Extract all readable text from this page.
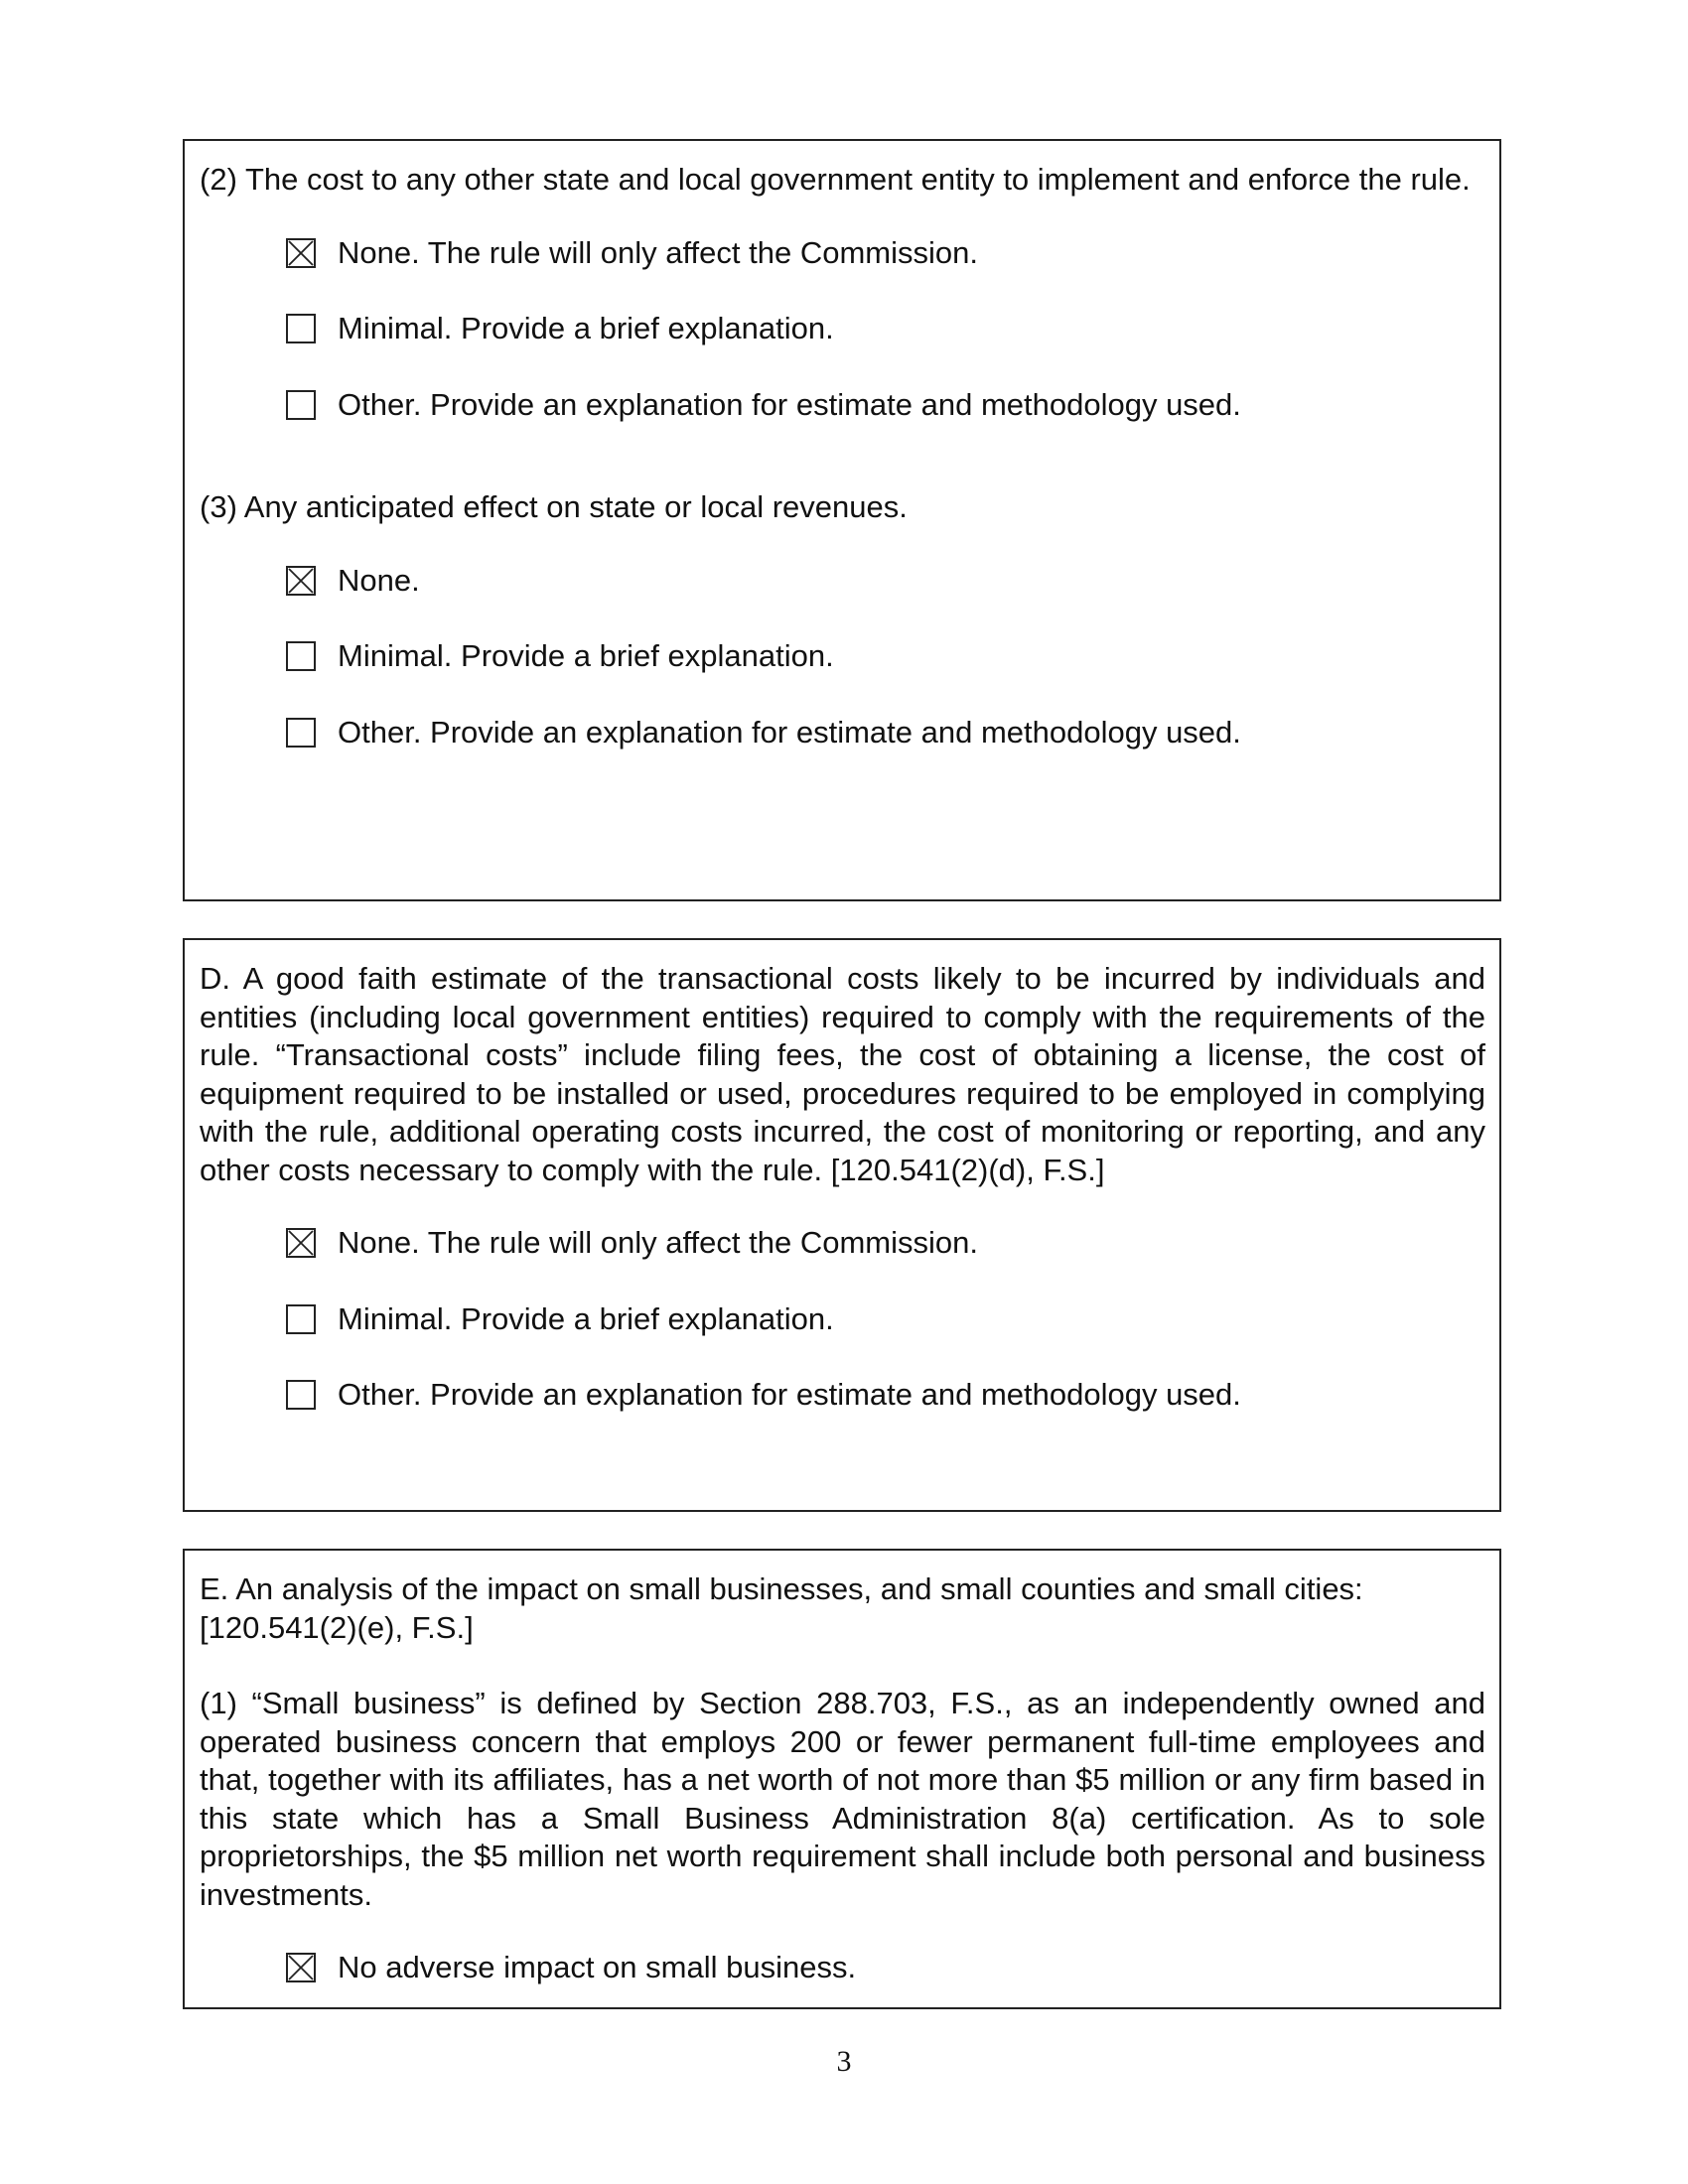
(2) The cost to any other state and local government entity to implement and enforce the rule.

None. The rule will only affect the Commission.
Minimal. Provide a brief explanation.
Other. Provide an explanation for estimate and methodology used.

(3) Any anticipated effect on state or local revenues.

None.
Minimal. Provide a brief explanation.
Other. Provide an explanation for estimate and methodology used.

D. A good faith estimate of the transactional costs likely to be incurred by individuals and entities (including local government entities) required to comply with the requirements of the rule. “Transactional costs” include filing fees, the cost of obtaining a license, the cost of equipment required to be installed or used, procedures required to be employed in complying with the rule, additional operating costs incurred, the cost of monitoring or reporting, and any other costs necessary to comply with the rule. [120.541(2)(d), F.S.]

None. The rule will only affect the Commission.
Minimal. Provide a brief explanation.
Other. Provide an explanation for estimate and methodology used.

E. An analysis of the impact on small businesses, and small counties and small cities: [120.541(2)(e), F.S.]

(1) “Small business” is defined by Section 288.703, F.S., as an independently owned and operated business concern that employs 200 or fewer permanent full-time employees and that, together with its affiliates, has a net worth of not more than $5 million or any firm based in this state which has a Small Business Administration 8(a) certification. As to sole proprietorships, the $5 million net worth requirement shall include both personal and business investments.

No adverse impact on small business.
3
